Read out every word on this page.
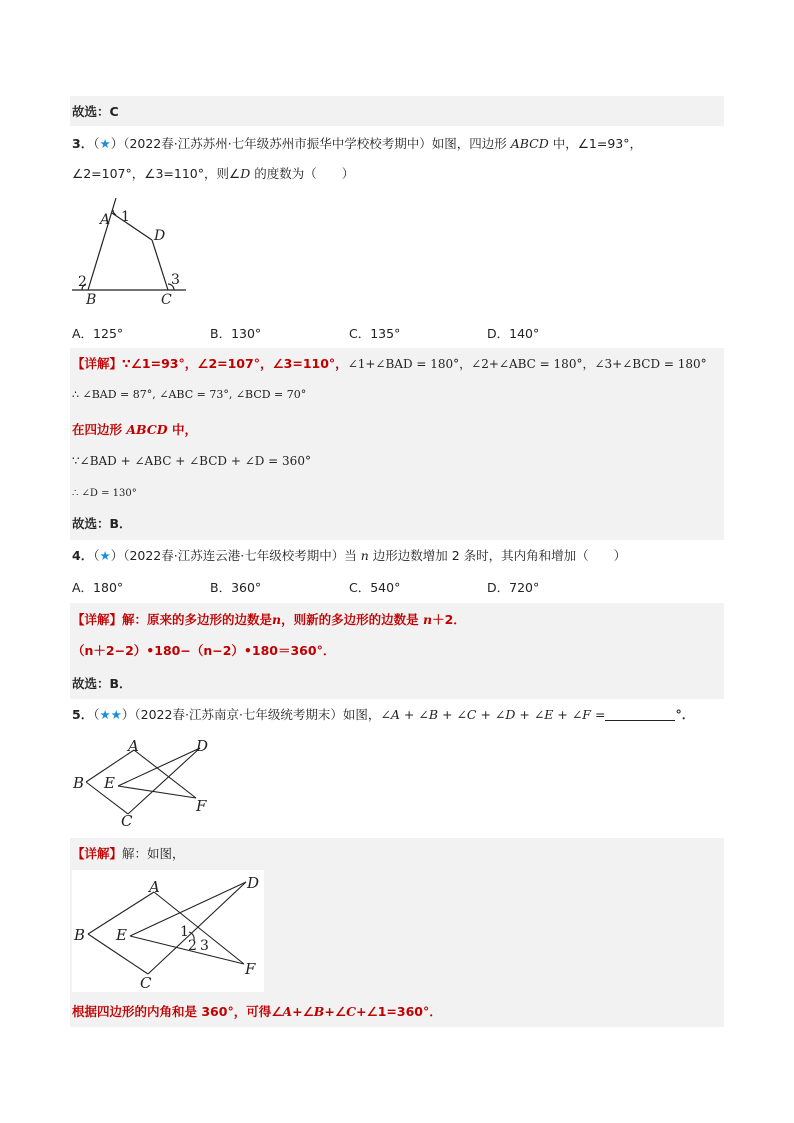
故选：C
3．（★）（2022春·江苏苏州·七年级苏州市振华中学校校考期中）如图，四边形 ABCD 中，∠1=93°，
∠2=107°，∠3=110°，则∠D 的度数为（　　）
A 1
D
2	3
B	C
A．125°	B．130°	C．135°	D．140°
【详解】∵∠1=93°，∠2=107°，∠3=110°，∠1+∠BAD = 180°，∠2+∠ABC = 180°，∠3+∠BCD = 180°
∴ ∠BAD = 87°, ∠ABC = 73°, ∠BCD = 70°
在四边形 ABCD 中，
∵∠BAD + ∠ABC + ∠BCD + ∠D = 360°
∴ ∠D = 130°
故选：B．
4．（★）（2022春·江苏连云港·七年级校考期中）当 n 边形边数增加 2 条时，其内角和增加（　　）
A．180°	B．360°	C．540°	D．720°
【详解】解：原来的多边形的边数是n，则新的多边形的边数是 n＋2．
（n＋2−2）•180−（n−2）•180＝360°．
故选：B．
5．（★★）（2022春·江苏南京·七年级统考期末）如图，∠A + ∠B + ∠C + ∠D + ∠E + ∠F =	°．
A	D
B E
F
C
【详解】解：如图，
A	D
B E	1
2 3
F
C
根据四边形的内角和是 360°，可得∠A+∠B+∠C+∠1=360°．
